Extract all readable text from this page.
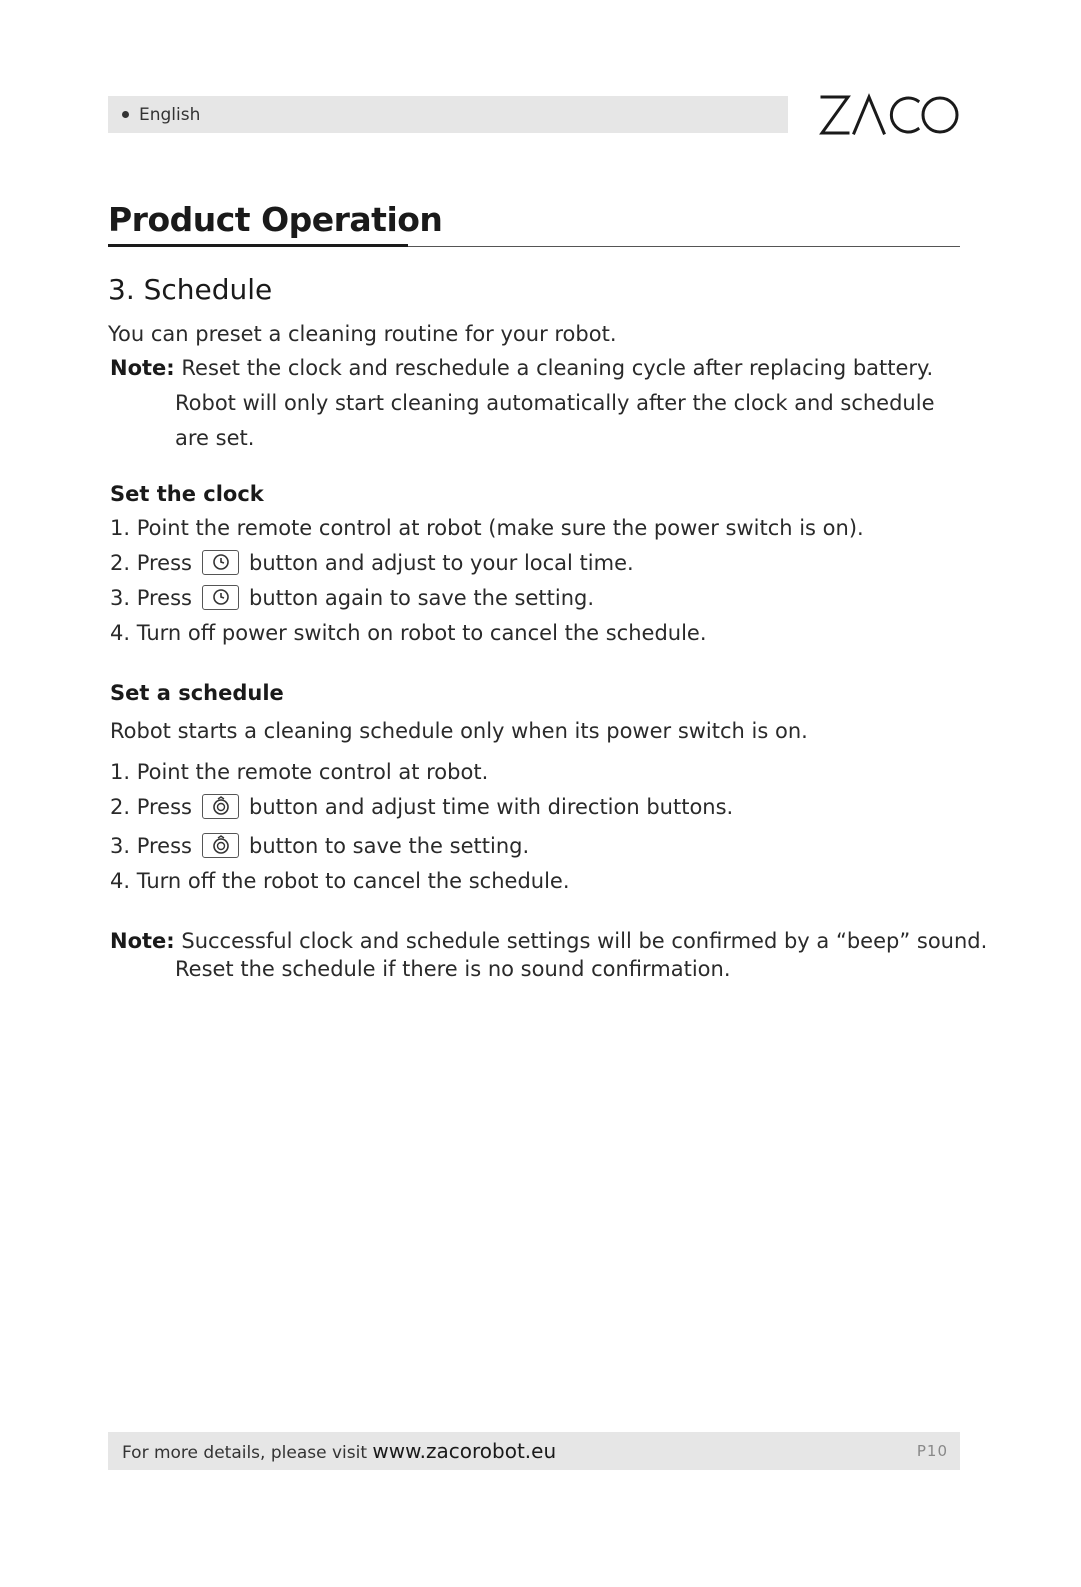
English
Product Operation
3. Schedule
You can preset a cleaning routine for your robot.
Note: Reset the clock and reschedule a cleaning cycle after replacing battery.
Robot will only start cleaning automatically after the clock and schedule
are set.
Set the clock
1. Point the remote control at robot (make sure the power switch is on).
2. Press	button and adjust to your local time.
3. Press	button again to save the setting.
4. Turn off power switch on robot to cancel the schedule.
Set a schedule
Robot starts a cleaning schedule only when its power switch is on.
1. Point the remote control at robot.
2. Press	button and adjust time with direction buttons.
3. Press	button to save the setting.
4. Turn off the robot to cancel the schedule.
Note: Successful clock and schedule settings will be confirmed by a “beep” sound.
Reset the schedule if there is no sound confirmation.
For more details, please visit www.zacorobot.eu	P10
